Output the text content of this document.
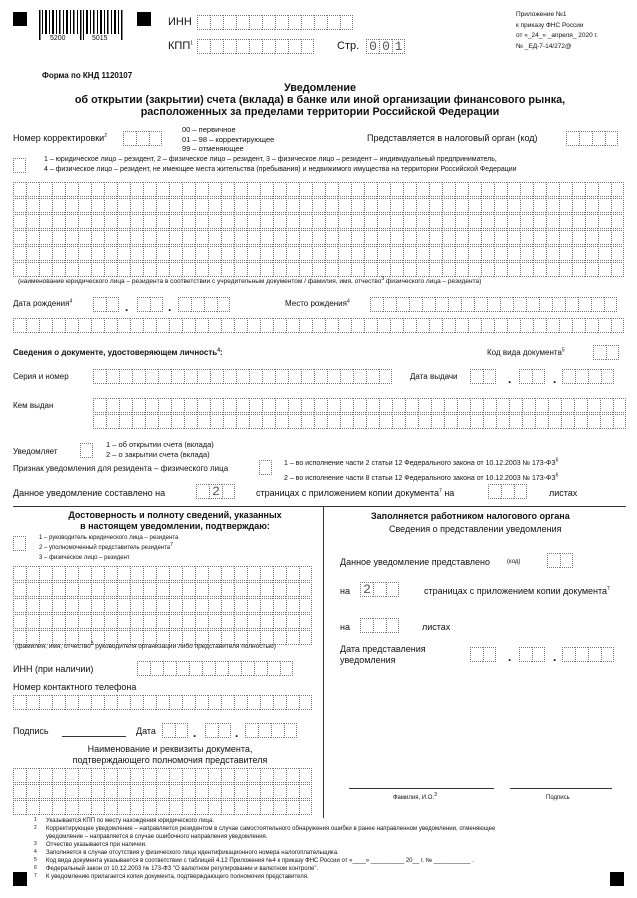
5200	5015
ИНН
КПП$^1$	Стр. 0 0 1
Приложение №1
к приказу ФНС России
от «_24_» _апреля_ 2020 г.
№ _ЕД-7-14/272@
Форма по КНД 1120107
Уведомление
об открытии (закрытии) счета (вклада) в банке или иной организации финансового рынка,
расположенных за пределами территории Российской Федерации
Номер корректировки$^2$
00 – первичное
01 – 98 – корректирующее
99 – отменяющее
Представляется в налоговый орган (код)
1 – юридическое лицо – резидент, 2 – физическое лицо – резидент, 3 – физическое лицо – резидент – индивидуальный предприниматель,
4 – физическое лицо – резидент, не имеющее места жительства (пребывания) и недвижимого имущества на территории Российской Федерации
(наименование юридического лица – резидента в соответствии с учредительным документом / фамилия, имя, отчество$^3$ физического лица – резидента)
Дата рождения$^4$	.	.	Место рождения$^4$
Сведения о документе, удостоверяющем личность$^4$:	Код вида документа$^5$
Серия и номер	Дата выдачи	.	.
Кем выдан
Уведомляет
1 – об открытии счета (вклада)
2 – о закрытии счета (вклада)
Признак уведомления для резидента – физического лица
1 – во исполнение части 2 статьи 12 Федерального закона от 10.12.2003 № $173-ФЗ^6$
2 – во исполнение части 8 статьи 12 Федерального закона от 10.12.2003 № $173-ФЗ^6$
Данное уведомление составлено на	2	страницах с приложением копии документа$^7$ на	листах
Достоверность и полноту сведений, указанных
в настоящем уведомлении, подтверждаю:
1 – руководитель юридического лица – резидента
2 – уполномоченный представитель резидента$^7$
3 – физическое лицо – резидент
(фамилия, имя, отчество$^3$ руководителя организации либо представителя полностью)
ИНН (при наличии)
Номер контактного телефона
Подпись	Дата	.	.
Наименование и реквизиты документа,
подтверждающего полномочия представителя
Заполняется работником налогового органа
Сведения о представлении уведомления
Данное уведомление представлено	(код)
на 2	страницах с приложением копии документа$^7$
на	листах
Дата представления
уведомления	.	.
Фамилия, И.О.$^3$	Подпись
Указывается КПП по месту нахождения юридического лица.
Корректирующее уведомление – направляется резидентом в случае самостоятельного обнаружения ошибки в ранее направленном уведомлении, отменяющее
уведомление – направляется в случае ошибочного направления уведомления.
Отчество указывается при наличии.
Заполняется в случае отсутствия у физического лица идентификационного номера налогоплательщика.
Код вида документа указывается в соответствии с таблицей 4.12 Приложения №4 к приказу ФНС России от «____» __________ 20__ г. № ___________ .
Федеральный закон от 10.12.2003 № 173-ФЗ "О валютном регулировании и валютном контроле".
К уведомлению прилагается копия документа, подтверждающего полномочия представителя.
1
2

3
4
5
6
7
